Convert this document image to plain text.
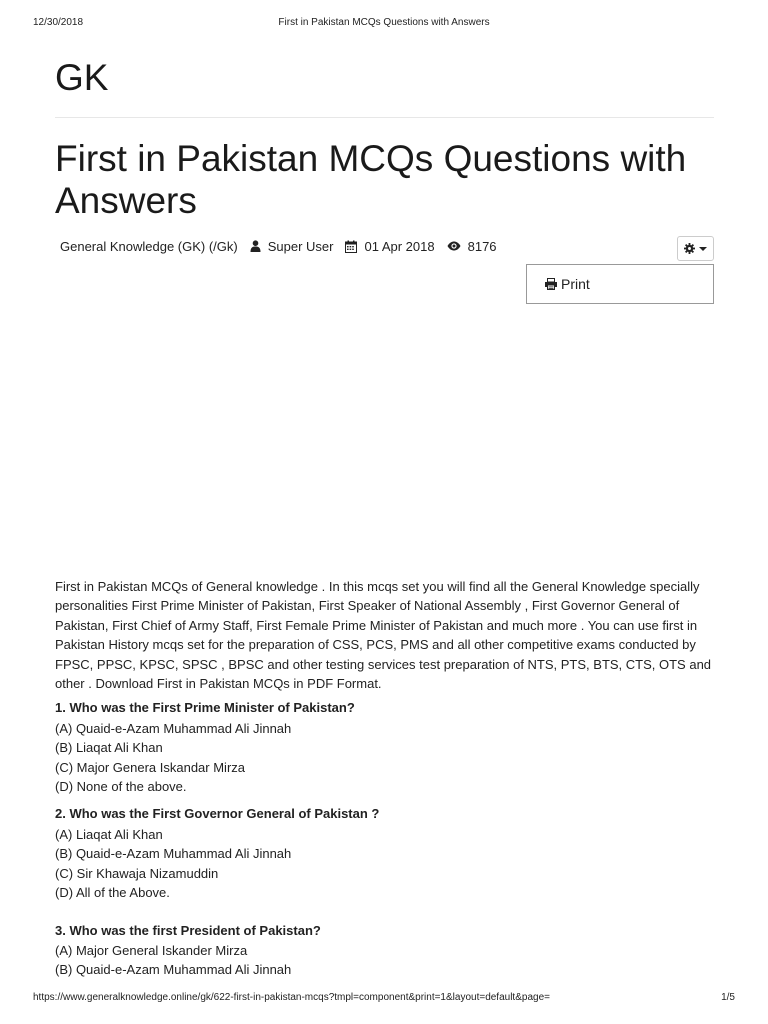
12/30/2018	First in Pakistan MCQs Questions with Answers
GK
First in Pakistan MCQs Questions with Answers
General Knowledge (GK) (/Gk) Super User 01 Apr 2018	8176
Print

First in Pakistan MCQs of General knowledge . In this mcqs set you will find all the General Knowledge specially personalities First Prime Minister of Pakistan, First Speaker of National Assembly , First Governor General of Pakistan, First Chief of Army Staff, First Female Prime Minister of Pakistan and much more . You can use first in Pakistan History mcqs set for the preparation of CSS, PCS, PMS and all other competitive exams conducted by FPSC, PPSC, KPSC, SPSC , BPSC and other testing services test preparation of NTS, PTS, BTS, CTS, OTS and other . Download First in Pakistan MCQs in PDF Format.

1. Who was the First Prime Minister of Pakistan?
(A) Quaid-e-Azam Muhammad Ali Jinnah
(B) Liaqat Ali Khan
(C) Major Genera Iskandar Mirza
(D) None of the above.
2. Who was the First Governor General of Pakistan ?
(A) Liaqat Ali Khan
(B) Quaid-e-Azam Muhammad Ali Jinnah
(C) Sir Khawaja Nizamuddin
(D) All of the Above.
3. Who was the first President of Pakistan?
(A) Major General Iskander Mirza
(B) Quaid-e-Azam Muhammad Ali Jinnah
https://www.generalknowledge.online/gk/622-first-in-pakistan-mcqs?tmpl=component&print=1&layout=default&page=	1/5
